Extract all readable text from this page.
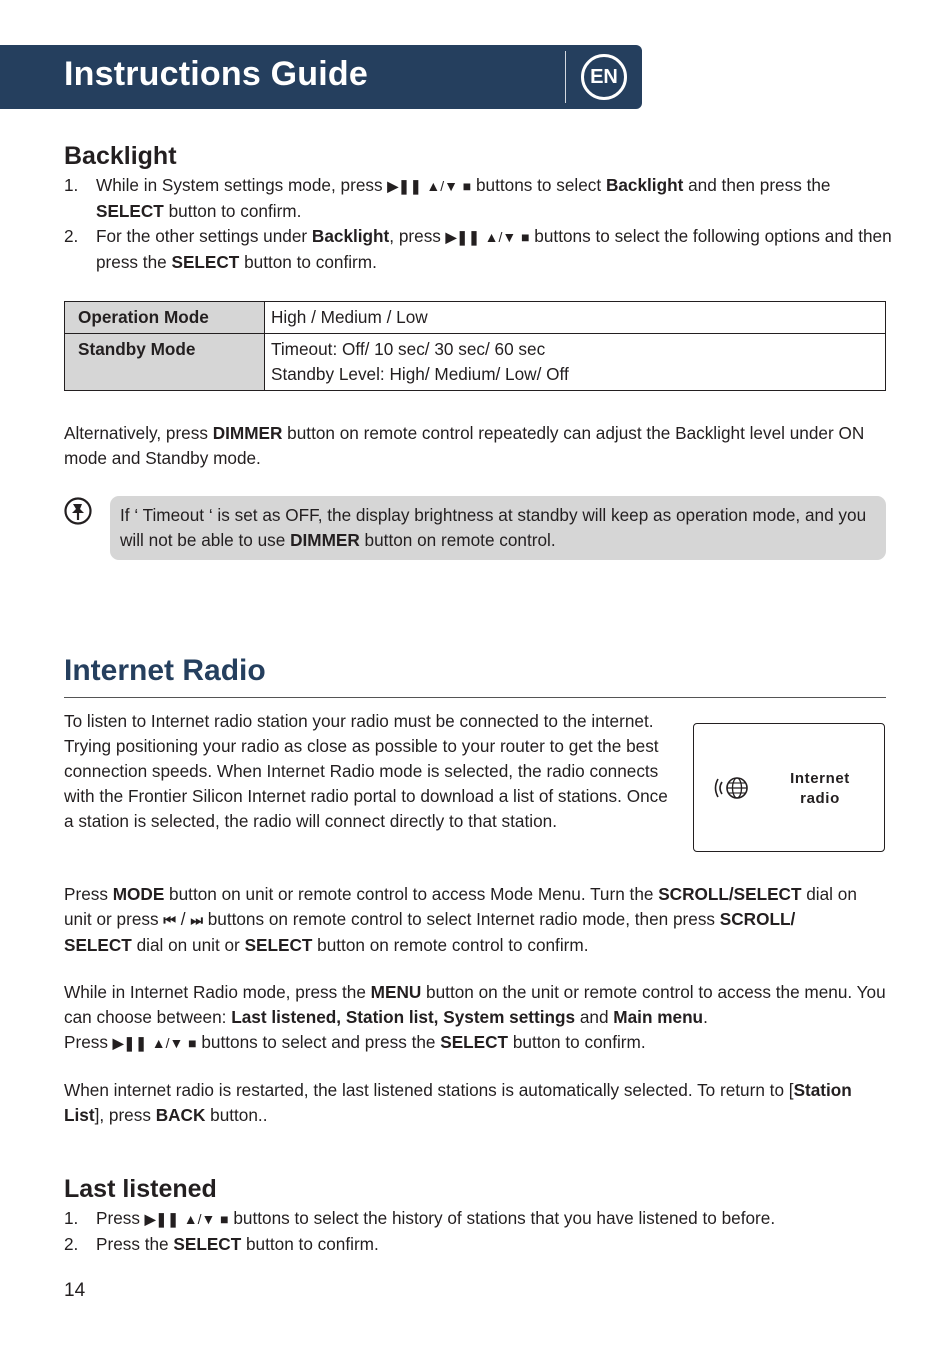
Instructions Guide	EN
Backlight
1. While in System settings mode, press ▶❚❚ ▲/▼ ■ buttons to select Backlight and then press the SELECT button to confirm.
2. For the other settings under Backlight, press ▶❚❚ ▲/▼ ■ buttons to select the following options and then press the SELECT button to confirm.
Operation Mode	High / Medium / Low
Standby Mode	Timeout: Off/ 10 sec/ 30 sec/ 60 sec
Standby Level: High/ Medium/ Low/ Off

Alternatively, press DIMMER button on remote control repeatedly can adjust the Backlight level under ON mode and Standby mode.

If ‘ Timeout ‘ is set as OFF, the display brightness at standby will keep as operation mode, and you will not be able to use DIMMER button on remote control.
Internet Radio

To listen to Internet radio station your radio must be connected to the internet. Trying positioning your radio as close as possible to your router to get the best connection speeds. When Internet Radio mode is selected, the radio connects with the Frontier Silicon Internet radio portal to download a list of stations. Once a station is selected, the radio will connect directly to that station.

Internet
radio

Press MODE button on unit or remote control to access Mode Menu. Turn the SCROLL/SELECT dial on unit or press ⏮ / ⏭ buttons on remote control to select Internet radio mode, then press SCROLL/
SELECT dial on unit or SELECT button on remote control to confirm.

While in Internet Radio mode, press the MENU button on the unit or remote control to access the menu. You can choose between: Last listened, Station list, System settings and Main menu.
Press ▶❚❚ ▲/▼ ■ buttons to select and press the SELECT button to confirm.

When internet radio is restarted, the last listened stations is automatically selected. To return to [Station
List], press BACK button..

Last listened
1. Press ▶❚❚ ▲/▼ ■ buttons to select the history of stations that you have listened to before.
2. Press the SELECT button to confirm.
14
